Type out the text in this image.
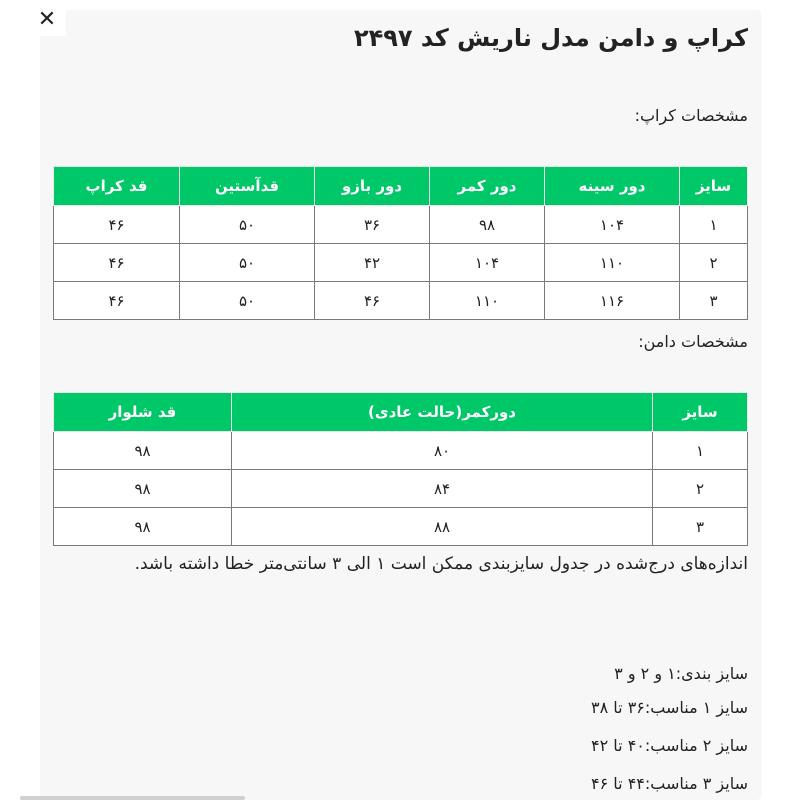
✕
کراپ و دامن مدل ناریش کد ۲۴۹۷
مشخصات کراپ:
سایز	دور سینه	دور کمر	دور بازو	قدآستین	قد کراپ
۱	۱۰۴	۹۸	۳۶	۵۰	۴۶
۲	۱۱۰	۱۰۴	۴۲	۵۰	۴۶
۳	۱۱۶	۱۱۰	۴۶	۵۰	۴۶
مشخصات دامن:
سایز	دورکمر(حالت عادی)	قد شلوار
۱	۸۰	۹۸
۲	۸۴	۹۸
۳	۸۸	۹۸
اندازه‌های درج‌شده در جدول سایزبندی ممکن است ۱ الی ۳ سانتی‌متر خطا داشته باشد.
سایز بندی:۱ و ۲ و ۳
سایز ۱ مناسب:۳۶ تا ۳۸
سایز ۲ مناسب:۴۰ تا ۴۲
سایز ۳ مناسب:۴۴ تا ۴۶
